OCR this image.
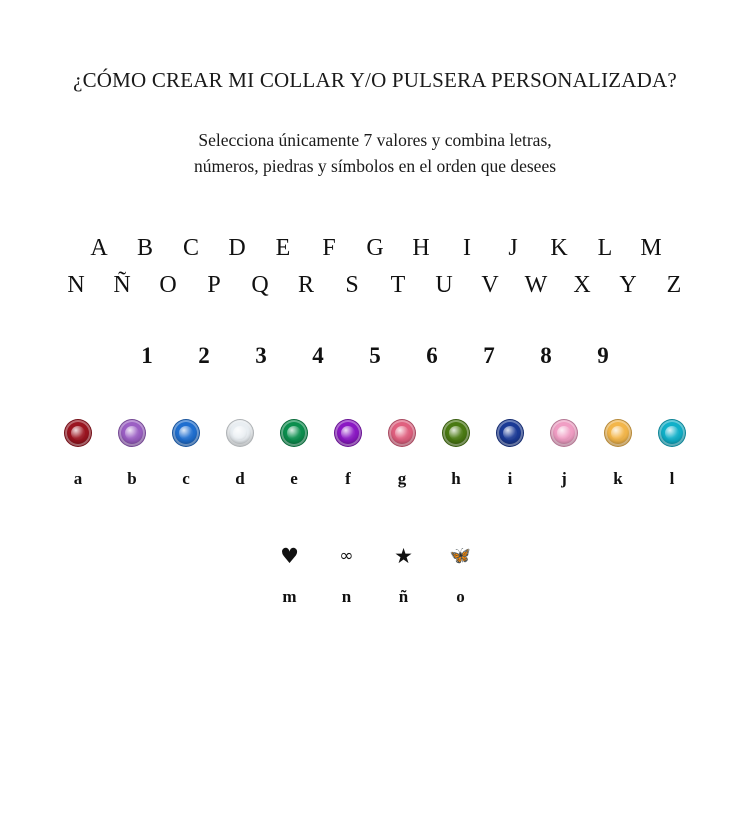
¿CÓMO CREAR MI COLLAR Y/O PULSERA PERSONALIZADA?
Selecciona únicamente 7 valores y combina letras,
números, piedras y símbolos en el orden que desees
A	B	C	D	E	F	G	H	I	J	K	L	M
N	Ñ	O	P	Q	R	S	T	U	V	W	X	Y	Z
1	2	3	4	5	6	7	8	9
a	b	c	d	e	f	g	h	i	j	k	l
♥
m
∞
n
★
ñ
🦋
o
